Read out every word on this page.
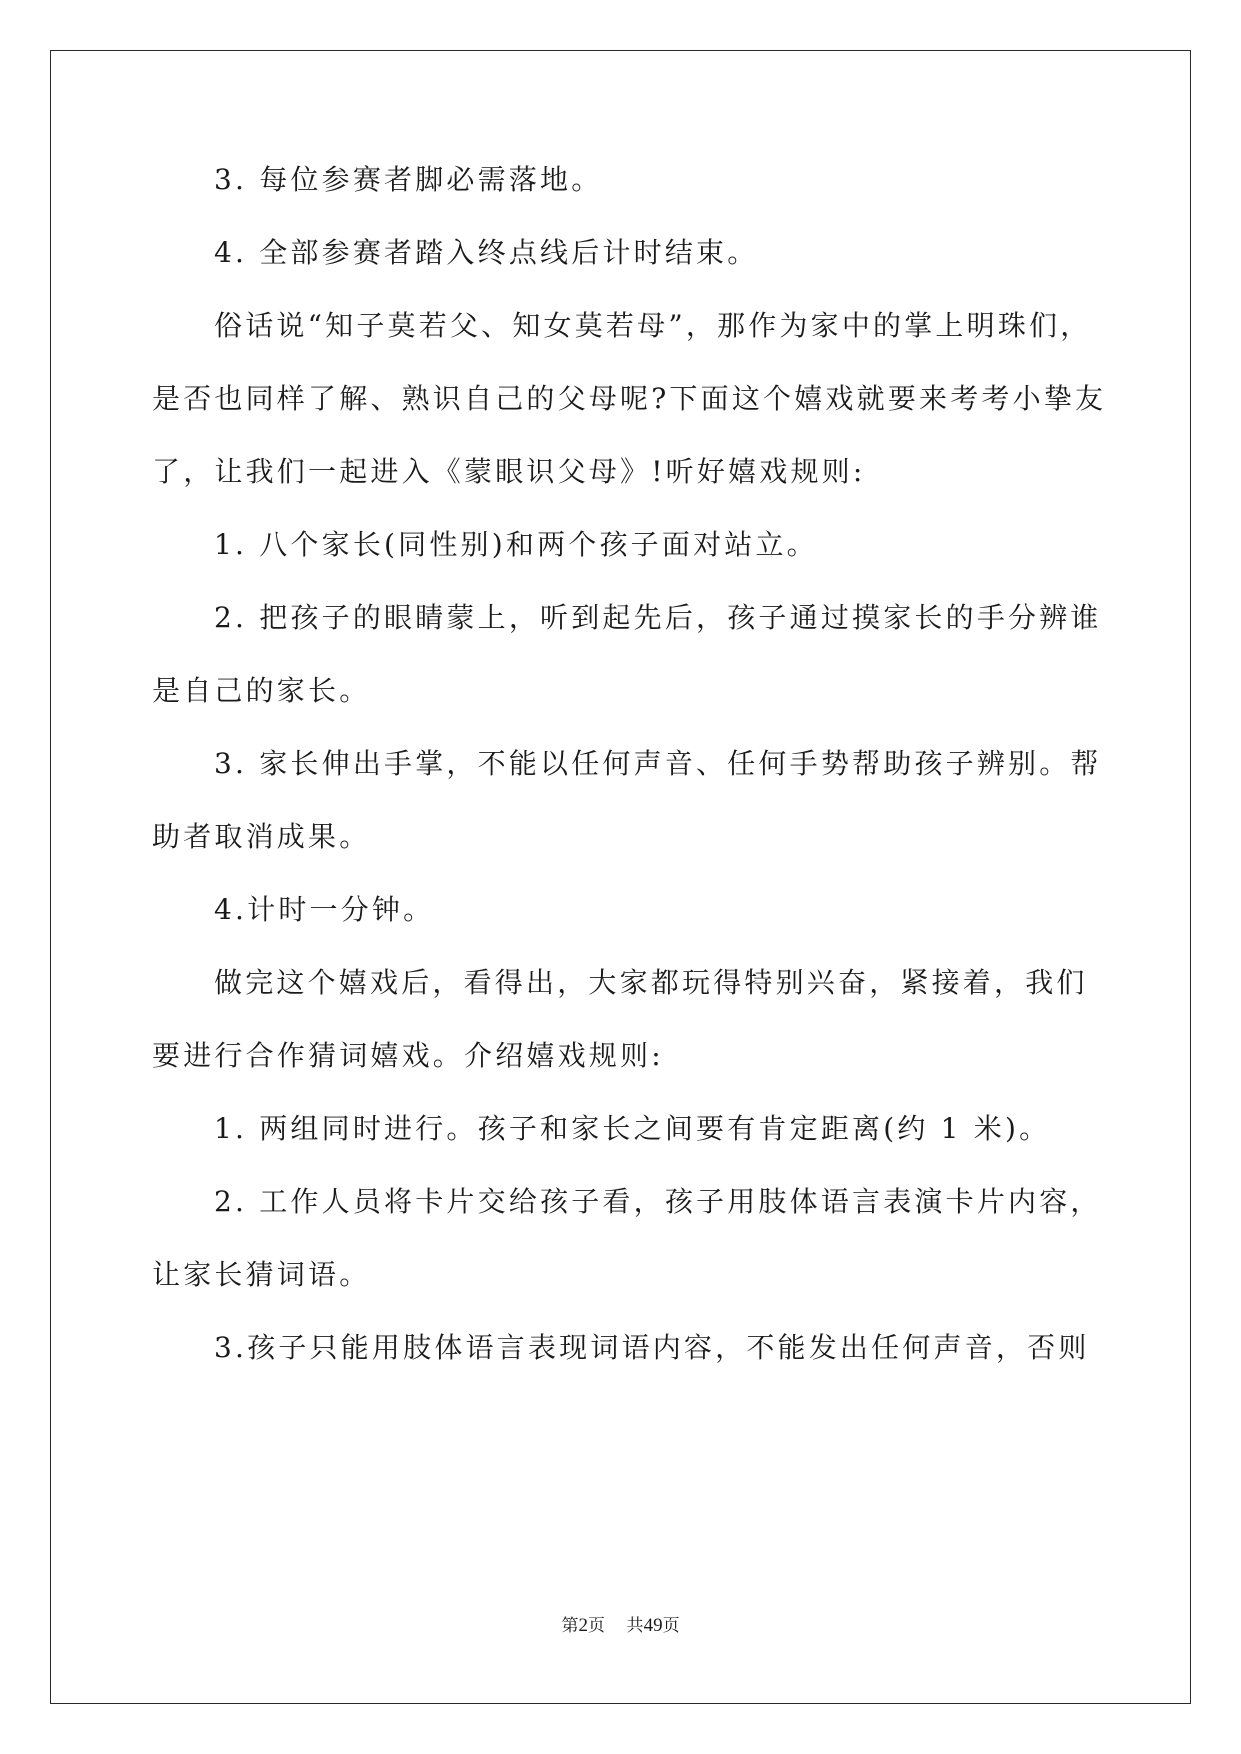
3. 每位参赛者脚必需落地。
4. 全部参赛者踏入终点线后计时结束。
俗话说“知子莫若父、知女莫若母”，那作为家中的掌上明珠们，
是否也同样了解、熟识自己的父母呢?下面这个嬉戏就要来考考小挚友
了，让我们一起进入《蒙眼识父母》!听好嬉戏规则:
1. 八个家长(同性别)和两个孩子面对站立。
2. 把孩子的眼睛蒙上，听到起先后，孩子通过摸家长的手分辨谁
是自己的家长。
3. 家长伸出手掌，不能以任何声音、任何手势帮助孩子辨别。帮
助者取消成果。
4.计时一分钟。
做完这个嬉戏后，看得出，大家都玩得特别兴奋，紧接着，我们
要进行合作猜词嬉戏。介绍嬉戏规则:
1. 两组同时进行。孩子和家长之间要有肯定距离(约 1 米)。
2. 工作人员将卡片交给孩子看，孩子用肢体语言表演卡片内容，
让家长猜词语。
3.孩子只能用肢体语言表现词语内容，不能发出任何声音，否则
第2页    共49页
